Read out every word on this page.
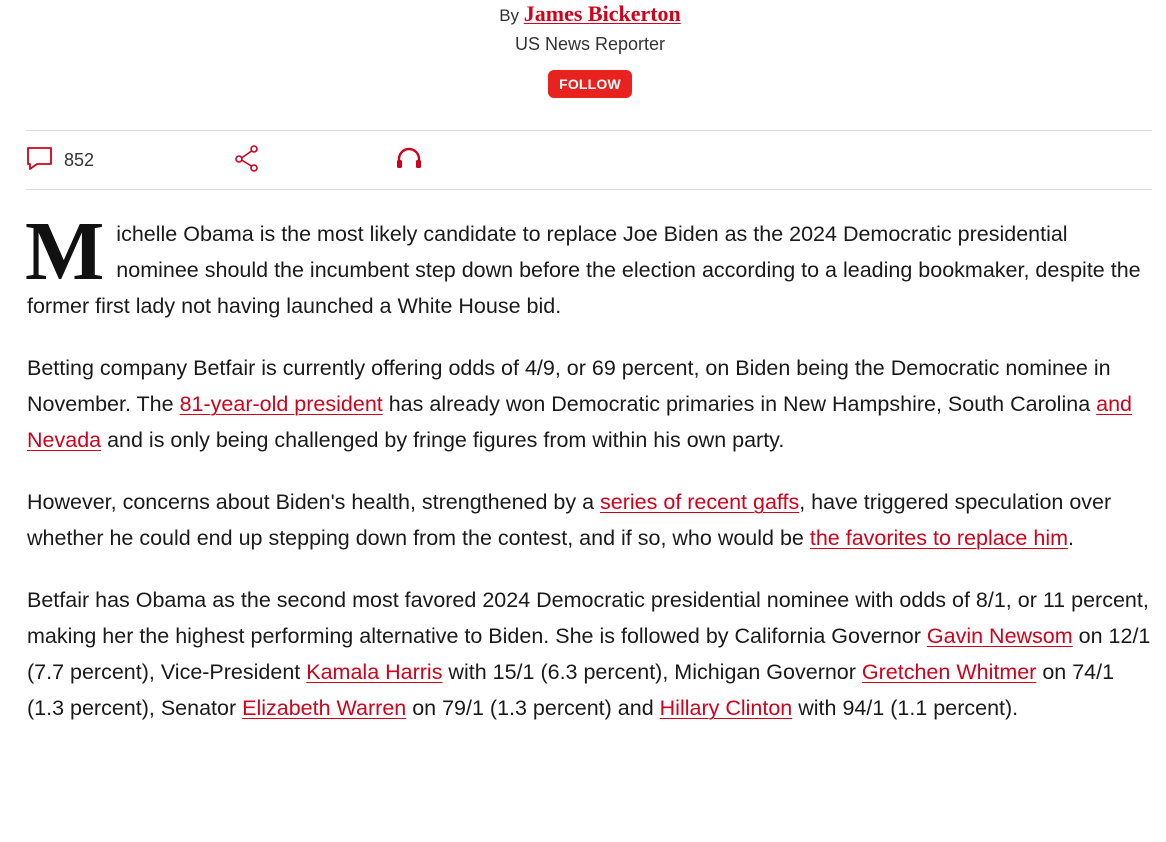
By James Bickerton
US News Reporter
FOLLOW
852

Michelle Obama is the most likely candidate to replace Joe Biden as the 2024 Democratic presidential nominee should the incumbent step down before the election according to a leading bookmaker, despite the former first lady not having launched a White House bid.

Betting company Betfair is currently offering odds of 4/9, or 69 percent, on Biden being the Democratic nominee in November. The 81-year-old president has already won Democratic primaries in New Hampshire, South Carolina and Nevada and is only being challenged by fringe figures from within his own party.

However, concerns about Biden's health, strengthened by a series of recent gaffs, have triggered speculation over whether he could end up stepping down from the contest, and if so, who would be the favorites to replace him.

Betfair has Obama as the second most favored 2024 Democratic presidential nominee with odds of 8/1, or 11 percent, making her the highest performing alternative to Biden. She is followed by California Governor Gavin Newsom on 12/1 (7.7 percent), Vice-President Kamala Harris with 15/1 (6.3 percent), Michigan Governor Gretchen Whitmer on 74/1 (1.3 percent), Senator Elizabeth Warren on 79/1 (1.3 percent) and Hillary Clinton with 94/1 (1.1 percent).
